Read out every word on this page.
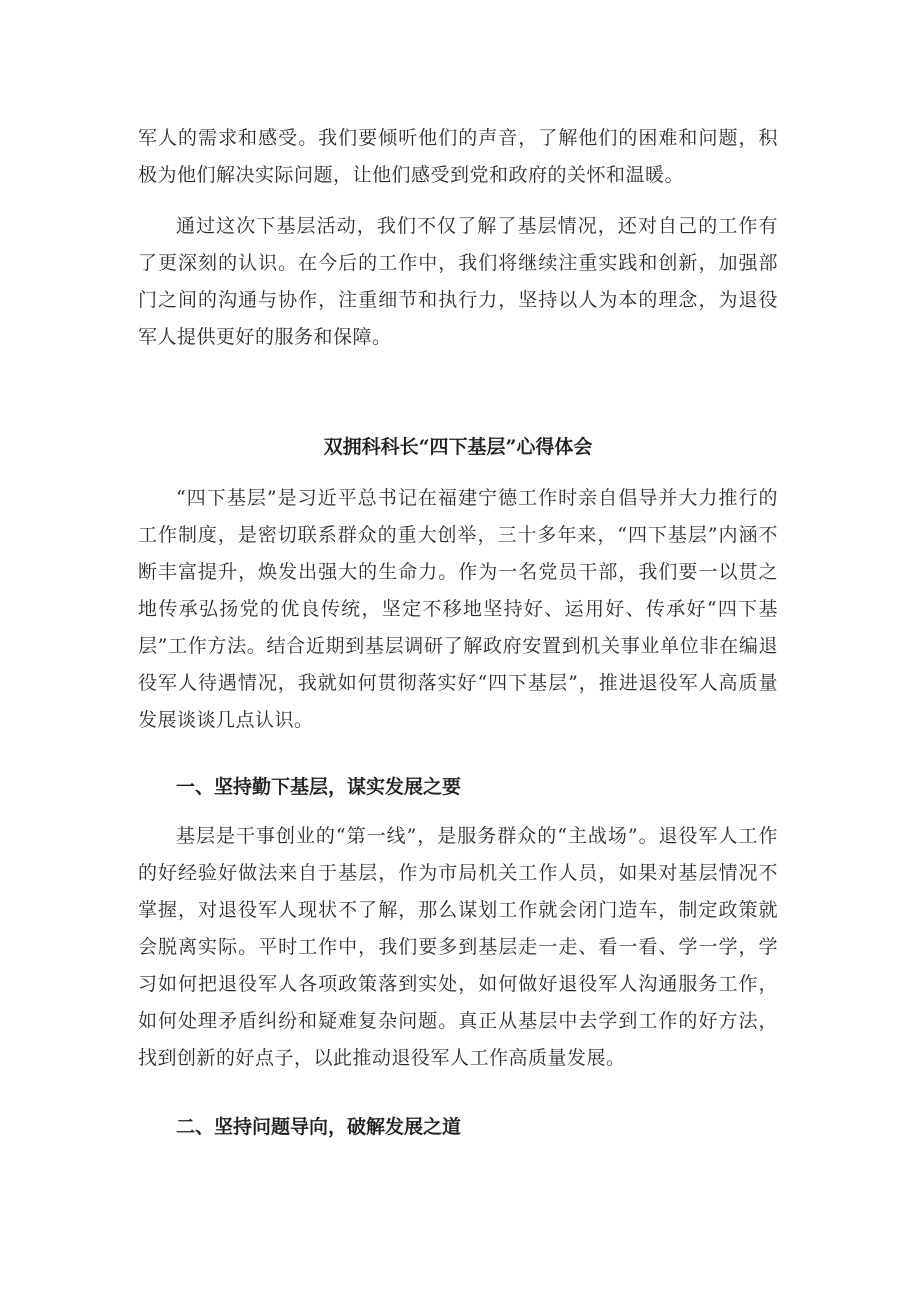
军人的需求和感受。我们要倾听他们的声音，了解他们的困难和问题，积极为他们解决实际问题，让他们感受到党和政府的关怀和温暖。

通过这次下基层活动，我们不仅了解了基层情况，还对自己的工作有了更深刻的认识。在今后的工作中，我们将继续注重实践和创新，加强部门之间的沟通与协作，注重细节和执行力，坚持以人为本的理念，为退役军人提供更好的服务和保障。

双拥科科长“四下基层”心得体会

“四下基层”是习近平总书记在福建宁德工作时亲自倡导并大力推行的工作制度，是密切联系群众的重大创举，三十多年来，“四下基层”内涵不断丰富提升，焕发出强大的生命力。作为一名党员干部，我们要一以贯之地传承弘扬党的优良传统，坚定不移地坚持好、运用好、传承好“四下基层”工作方法。结合近期到基层调研了解政府安置到机关事业单位非在编退役军人待遇情况，我就如何贯彻落实好“四下基层”，推进退役军人高质量发展谈谈几点认识。

一、坚持勤下基层，谋实发展之要

基层是干事创业的“第一线”，是服务群众的“主战场”。退役军人工作的好经验好做法来自于基层，作为市局机关工作人员，如果对基层情况不掌握，对退役军人现状不了解，那么谋划工作就会闭门造车，制定政策就会脱离实际。平时工作中，我们要多到基层走一走、看一看、学一学，学习如何把退役军人各项政策落到实处，如何做好退役军人沟通服务工作，如何处理矛盾纠纷和疑难复杂问题。真正从基层中去学到工作的好方法，找到创新的好点子，以此推动退役军人工作高质量发展。

二、坚持问题导向，破解发展之道
